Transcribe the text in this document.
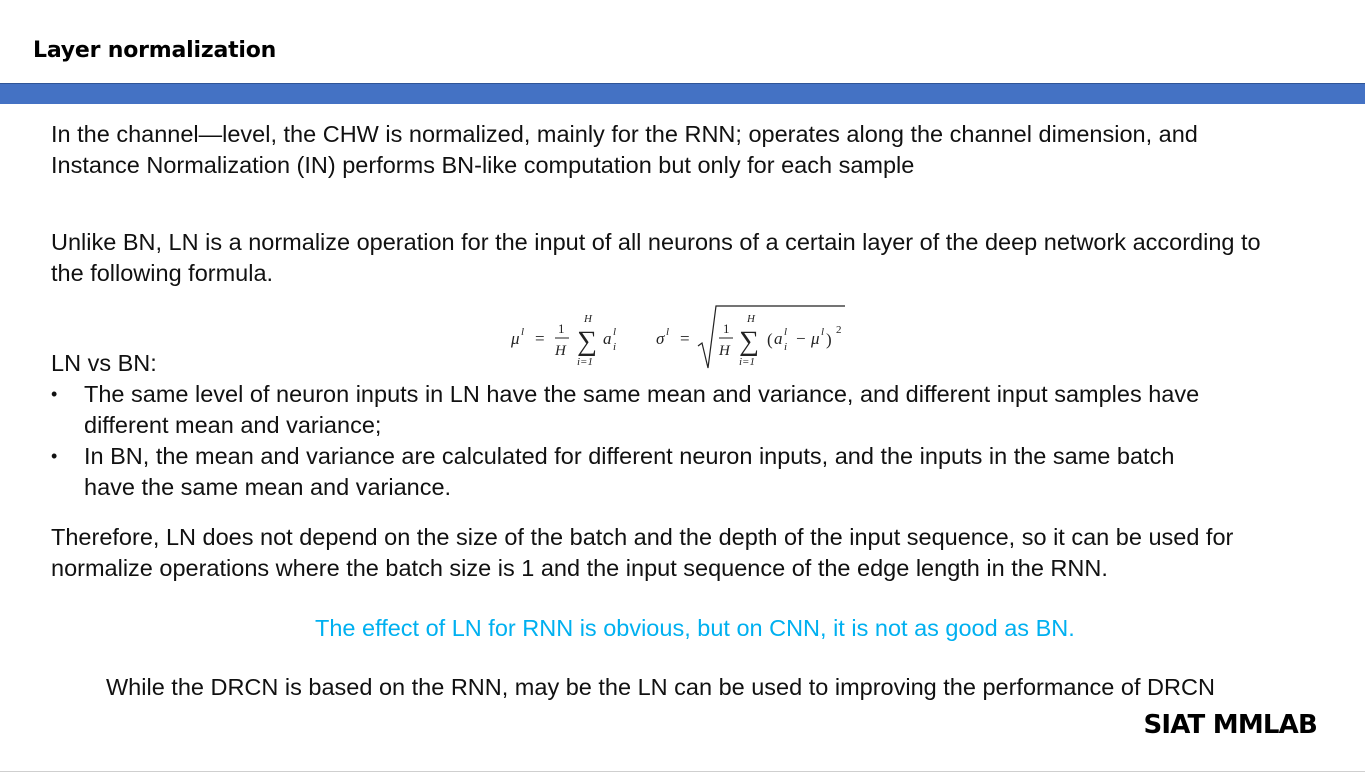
Layer normalization
In the channel—level, the CHW is normalized, mainly for the RNN; operates along the channel dimension, and
Instance Normalization (IN) performs BN-like computation but only for each sample
Unlike BN, LN is a normalize operation for the input of all neurons of a certain layer of the deep network according to
the following formula.
μ l =
1
H
H
∑
i=1
a l
i σ l =
1
H
H
∑
i=1
( a l
i − μ l ) 2
LN vs BN:
• The same level of neuron inputs in LN have the same mean and variance, and different input samples have
different mean and variance;
• In BN, the mean and variance are calculated for different neuron inputs, and the inputs in the same batch
have the same mean and variance.
Therefore, LN does not depend on the size of the batch and the depth of the input sequence, so it can be used for
normalize operations where the batch size is 1 and the input sequence of the edge length in the RNN.
The effect of LN for RNN is obvious, but on CNN, it is not as good as BN.
While the DRCN is based on the RNN, may be the LN can be used to improving the performance of DRCN
SIAT MMLAB
